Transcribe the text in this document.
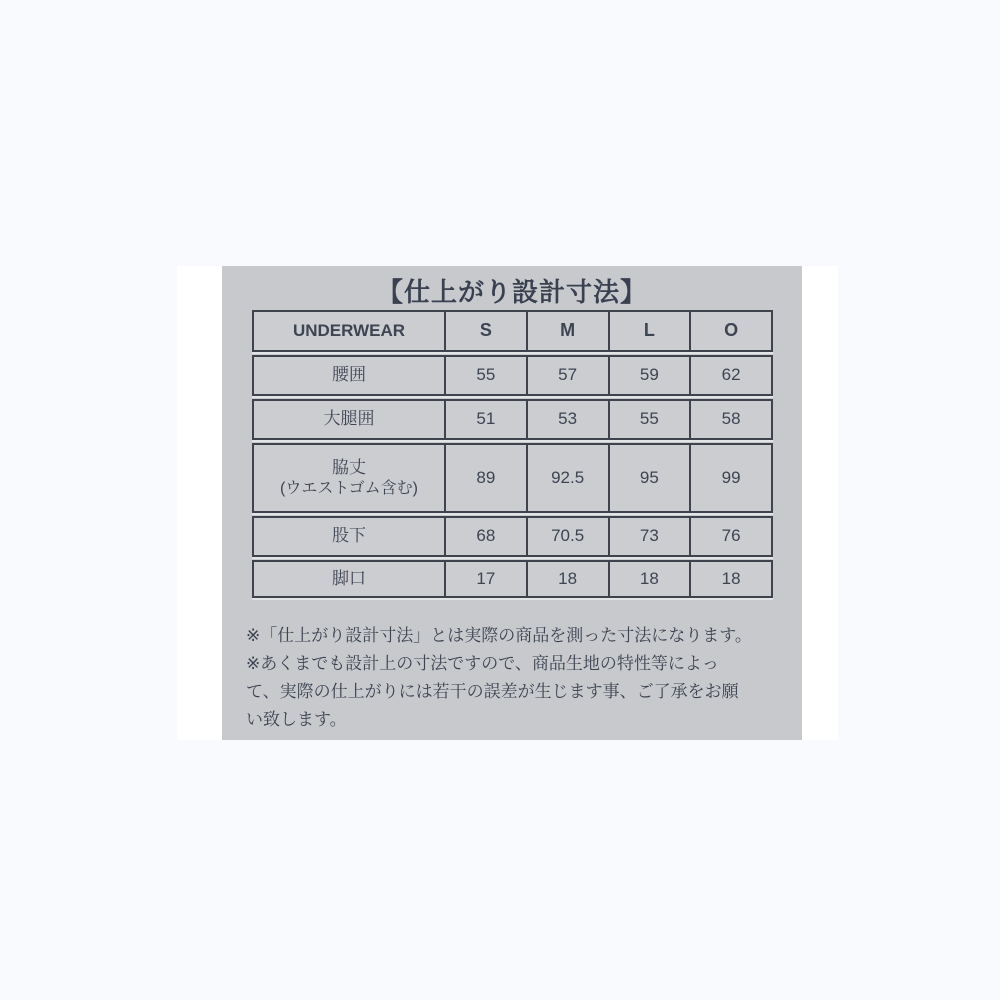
【仕上がり設計寸法】
UNDERWEAR	S	M	L	O
腰囲	55	57	59	62
大腿囲	51	53	55	58
脇丈
(ウエストゴム含む)
89	92.5	95	99
股下	68	70.5	73	76
脚口	17	18	18	18
※「仕上がり設計寸法」とは実際の商品を測った寸法になります。
※あくまでも設計上の寸法ですので、商品生地の特性等によっ
て、実際の仕上がりには若干の誤差が生じます事、ご了承をお願
い致します。
